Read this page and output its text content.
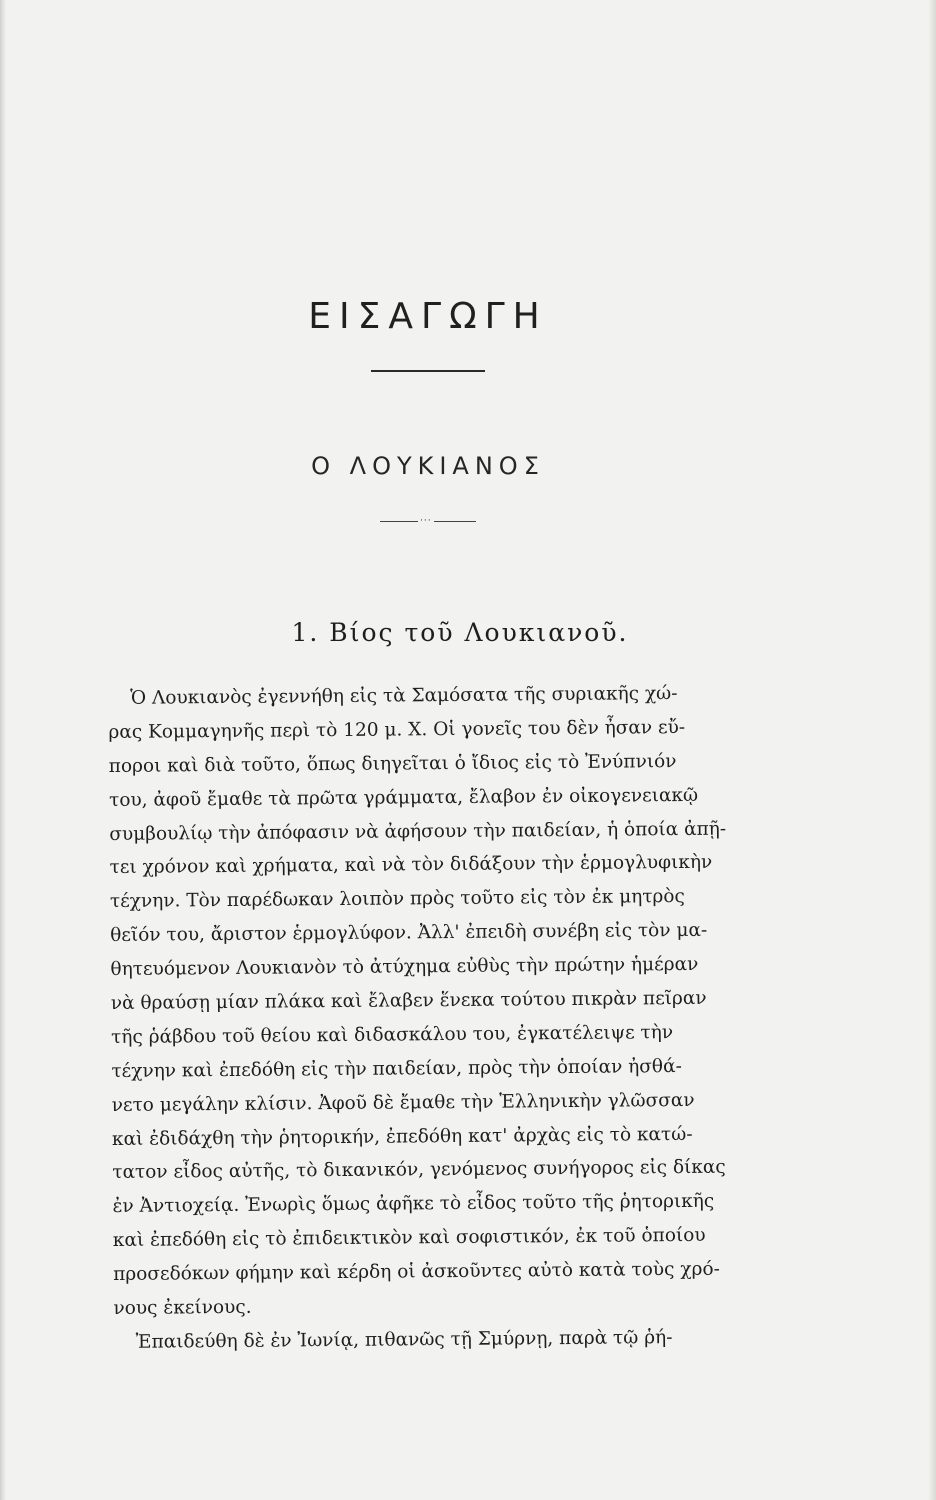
ΕΙΣΑΓΩΓΗ
Ο ΛΟΥΚΙΑΝΟΣ
···
1. Βίος τοῦ Λουκιανοῦ.
Ὁ Λουκιανὸς ἐγεννήθη εἰς τὰ Σαμόσατα τῆς συριακῆς χώ-
ρας Κομμαγηνῆς περὶ τὸ 120 μ. Χ. Οἱ γονεῖς του δὲν ἦσαν εὔ-
ποροι καὶ διὰ τοῦτο, ὅπως διηγεῖται ὁ ἴδιος εἰς τὸ Ἐνύπνιόν
του, ἀφοῦ ἔμαθε τὰ πρῶτα γράμματα, ἔλαβον ἐν οἰκογενειακῷ
συμβουλίῳ τὴν ἀπόφασιν νὰ ἀφήσουν τὴν παιδείαν, ἡ ὁποία ἀπῇ-
τει χρόνον καὶ χρήματα, καὶ νὰ τὸν διδάξουν τὴν ἑρμογλυφικὴν
τέχνην. Τὸν παρέδωκαν λοιπὸν πρὸς τοῦτο εἰς τὸν ἐκ μητρὸς
θεῖόν του, ἄριστον ἑρμογλύφον. Ἀλλ' ἐπειδὴ συνέβη εἰς τὸν μα-
θητευόμενον Λουκιανὸν τὸ ἀτύχημα εὐθὺς τὴν πρώτην ἡμέραν
νὰ θραύσῃ μίαν πλάκα καὶ ἔλαβεν ἕνεκα τούτου πικρὰν πεῖραν
τῆς ῥάβδου τοῦ θείου καὶ διδασκάλου του, ἐγκατέλειψε τὴν
τέχνην καὶ ἐπεδόθη εἰς τὴν παιδείαν, πρὸς τὴν ὁποίαν ἠσθά-
νετο μεγάλην κλίσιν. Ἀφοῦ δὲ ἔμαθε τὴν Ἑλληνικὴν γλῶσσαν
καὶ ἐδιδάχθη τὴν ῥητορικήν, ἐπεδόθη κατ' ἀρχὰς εἰς τὸ κατώ-
τατον εἶδος αὐτῆς, τὸ δικανικόν, γενόμενος συνήγορος εἰς δίκας
ἐν Ἀντιοχείᾳ. Ἐνωρὶς ὅμως ἀφῆκε τὸ εἶδος τοῦτο τῆς ῥητορικῆς
καὶ ἐπεδόθη εἰς τὸ ἐπιδεικτικὸν καὶ σοφιστικόν, ἐκ τοῦ ὁποίου
προσεδόκων φήμην καὶ κέρδη οἱ ἀσκοῦντες αὐτὸ κατὰ τοὺς χρό-
νους ἐκείνους.
Ἐπαιδεύθη δὲ ἐν Ἰωνίᾳ, πιθανῶς τῇ Σμύρνῃ, παρὰ τῷ ῥή-
